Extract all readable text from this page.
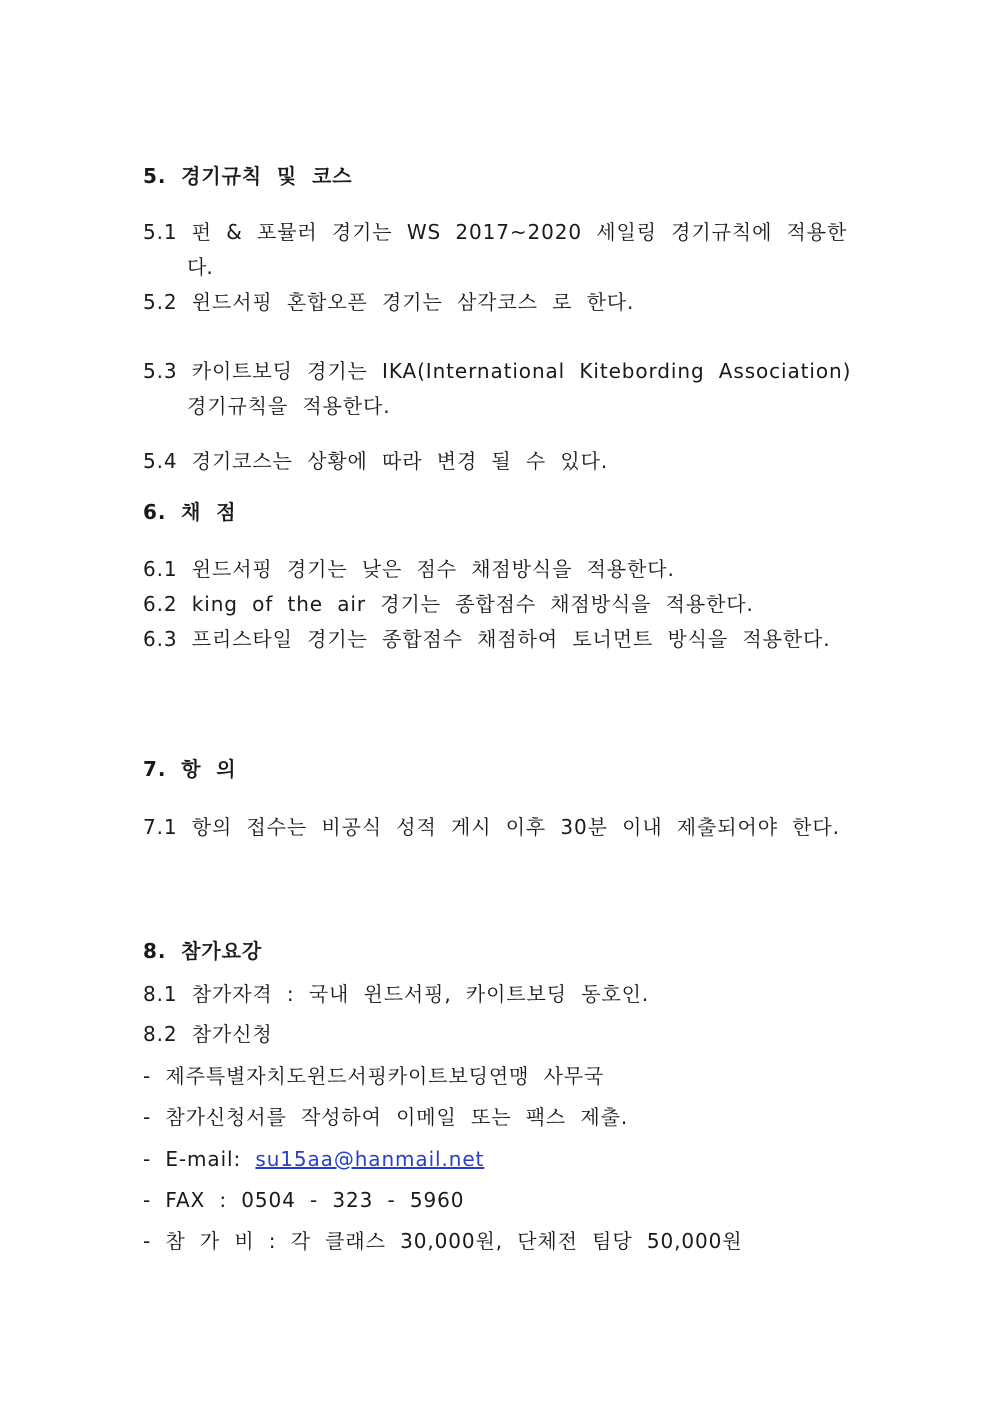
5. 경기규칙 및 코스
5.1 펀 & 포뮬러 경기는 WS 2017~2020 세일링 경기규칙에 적용한
다.
5.2 윈드서핑 혼합오픈 경기는 삼각코스 로 한다.
5.3 카이트보딩 경기는 IKA(International Kitebording Association)
경기규칙을 적용한다.
5.4 경기코스는 상황에 따라 변경 될 수 있다.
6. 채 점
6.1 윈드서핑 경기는 낮은 점수 채점방식을 적용한다.
6.2 king of the air 경기는 종합점수 채점방식을 적용한다.
6.3 프리스타일 경기는 종합점수 채점하여 토너먼트 방식을 적용한다.
7. 항 의
7.1 항의 접수는 비공식 성적 게시 이후 30분 이내 제출되어야 한다.
8. 참가요강
8.1 참가자격 : 국내 윈드서핑, 카이트보딩 동호인.
8.2 참가신청
- 제주특별자치도윈드서핑카이트보딩연맹 사무국
- 참가신청서를 작성하여 이메일 또는 팩스 제출.
- E-mail: su15aa@hanmail.net
- FAX : 0504 - 323 - 5960
- 참 가 비 : 각 클래스 30,000원, 단체전 팀당 50,000원
